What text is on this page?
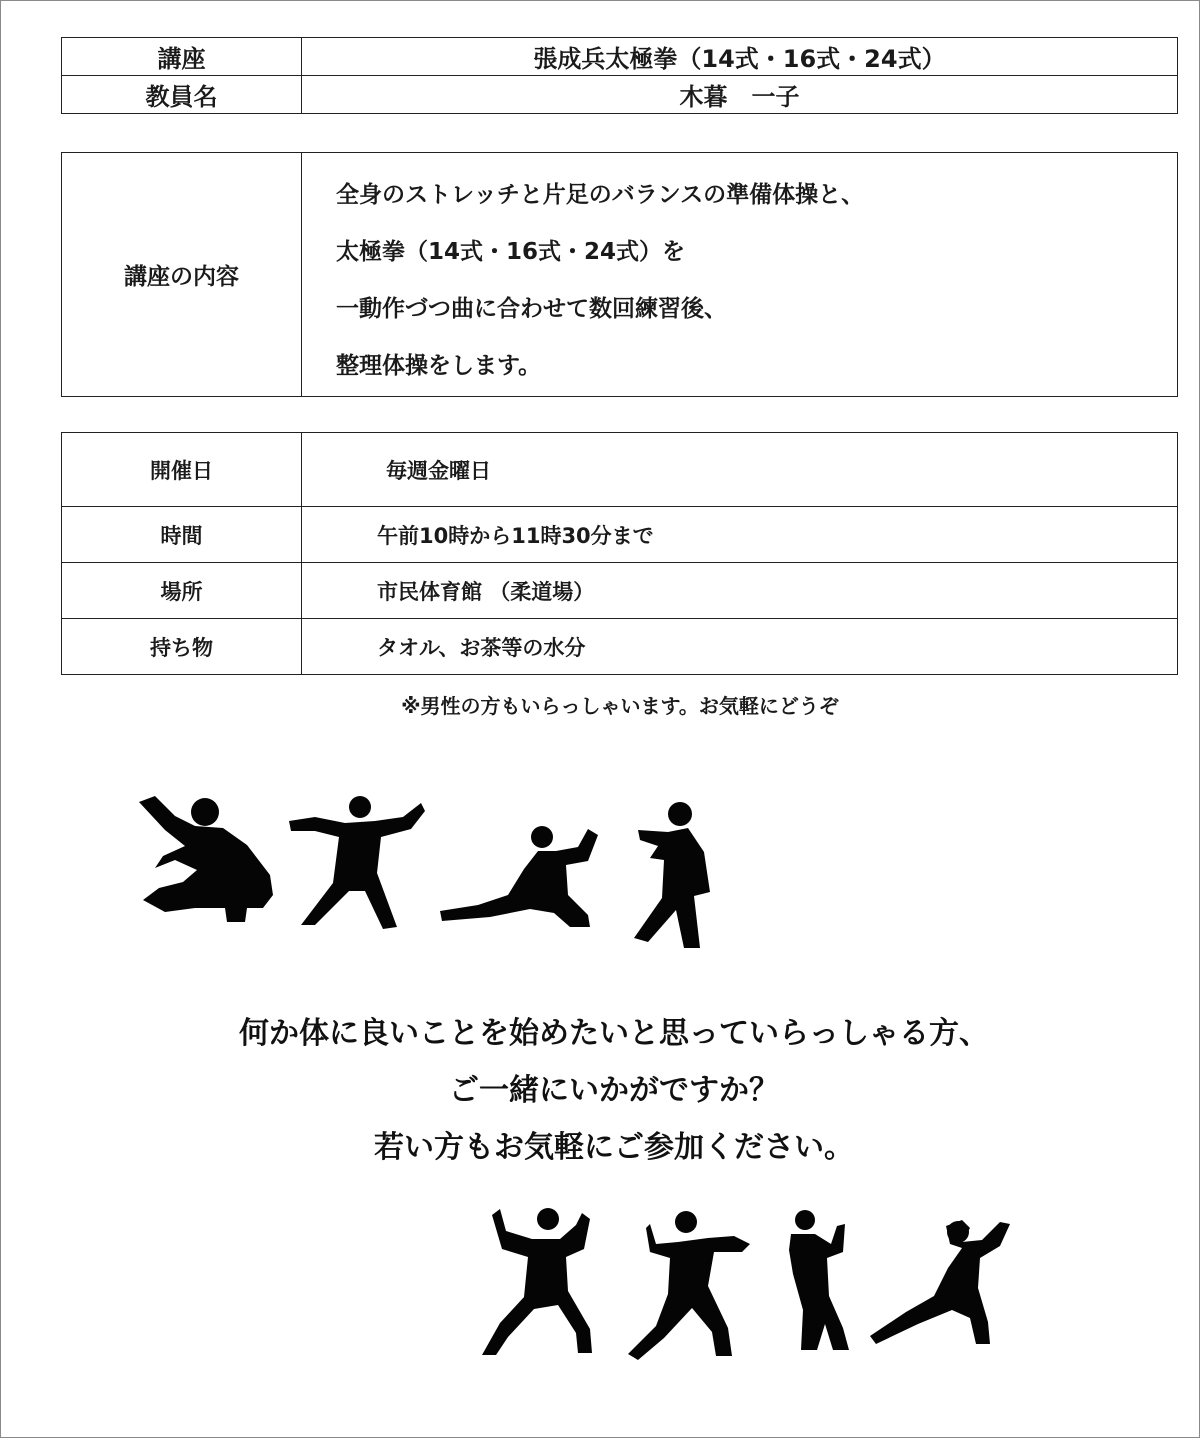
講座	張成兵太極拳（14式・16式・24式）
教員名	木暮　一子
講座の内容	
全身のストレッチと片足のバランスの準備体操と、
太極拳（14式・16式・24式）を
一動作づつ曲に合わせて数回練習後、
整理体操をします。
開催日	毎週金曜日
時間	午前10時から11時30分まで
場所	市民体育館 （柔道場）
持ち物	タオル、お茶等の水分
※男性の方もいらっしゃいます。お気軽にどうぞ
何か体に良いことを始めたいと思っていらっしゃる方、
ご一緒にいかがですか？
若い方もお気軽にご参加ください。
